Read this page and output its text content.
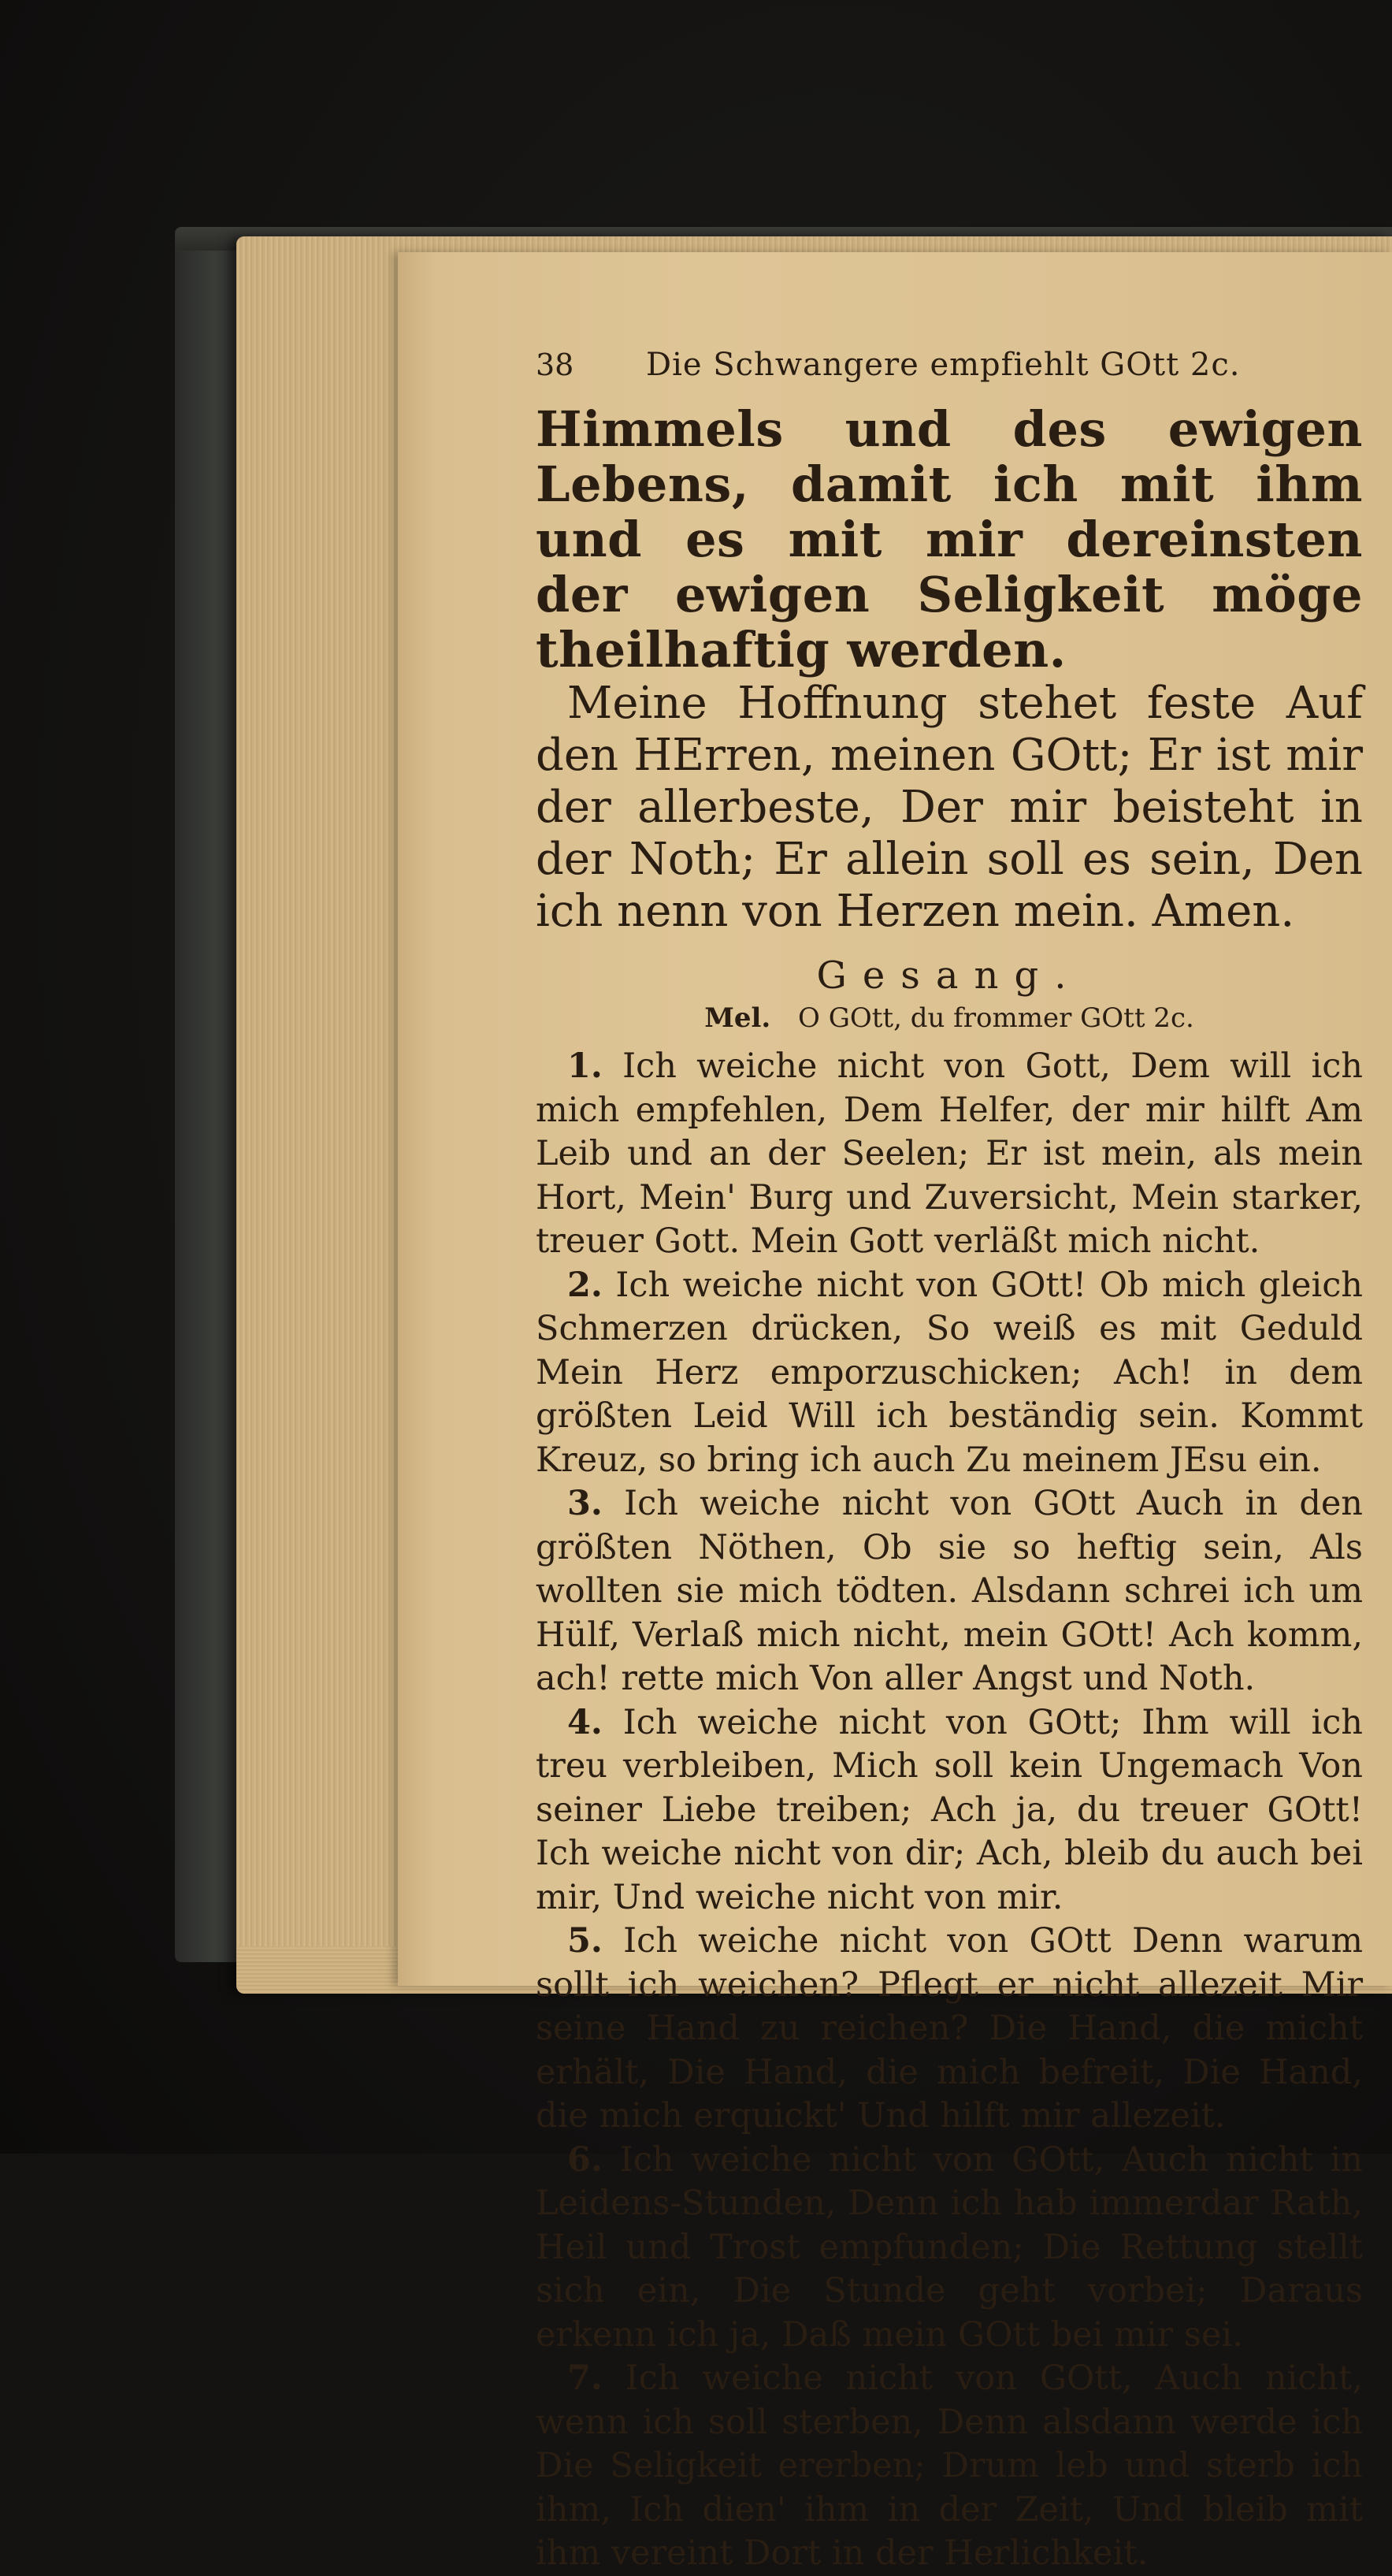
38	Die Schwangere empfiehlt GOtt 2c.

Himmels und des ewigen Lebens, damit ich mit ihm und es mit mir dereinsten der ewigen Seligkeit möge theilhaftig werden.

Meine Hoffnung stehet feste Auf den HErren, meinen GOtt; Er ist mir der allerbeste, Der mir beisteht in der Noth; Er allein soll es sein, Den ich nenn von Herzen mein. Amen.

Gesang.
Mel. O GOtt, du frommer GOtt 2c.

1. Ich weiche nicht von Gott, Dem will ich mich empfehlen, Dem Helfer, der mir hilft Am Leib und an der Seelen; Er ist mein, als mein Hort, Mein' Burg und Zuversicht, Mein starker, treuer Gott. Mein Gott verläßt mich nicht.

2. Ich weiche nicht von GOtt! Ob mich gleich Schmerzen drücken, So weiß es mit Geduld Mein Herz emporzuschicken; Ach! in dem größten Leid Will ich beständig sein. Kommt Kreuz, so bring ich auch Zu meinem JEsu ein.

3. Ich weiche nicht von GOtt Auch in den größten Nöthen, Ob sie so heftig sein, Als wollten sie mich tödten. Alsdann schrei ich um Hülf, Verlaß mich nicht, mein GOtt! Ach komm, ach! rette mich Von aller Angst und Noth.

4. Ich weiche nicht von GOtt; Ihm will ich treu verbleiben, Mich soll kein Ungemach Von seiner Liebe treiben; Ach ja, du treuer GOtt! Ich weiche nicht von dir; Ach, bleib du auch bei mir, Und weiche nicht von mir.

5. Ich weiche nicht von GOtt Denn warum sollt ich weichen? Pflegt er nicht allezeit Mir seine Hand zu reichen? Die Hand, die micht erhält, Die Hand, die mich befreit, Die Hand, die mich erquickt' Und hilft mir allezeit.

6. Ich weiche nicht von GOtt, Auch nicht in Leidens-Stunden, Denn ich hab immerdar Rath, Heil und Trost empfunden; Die Rettung stellt sich ein, Die Stunde geht vorbei; Daraus erkenn ich ja, Daß mein GOtt bei mir sei.

7. Ich weiche nicht von GOtt, Auch nicht, wenn ich soll sterben, Denn alsdann werde ich Die Seligkeit ererben; Drum leb und sterb ich ihm, Ich dien' ihm in der Zeit, Und bleib mit ihm vereint Dort in der Herlichkeit.
